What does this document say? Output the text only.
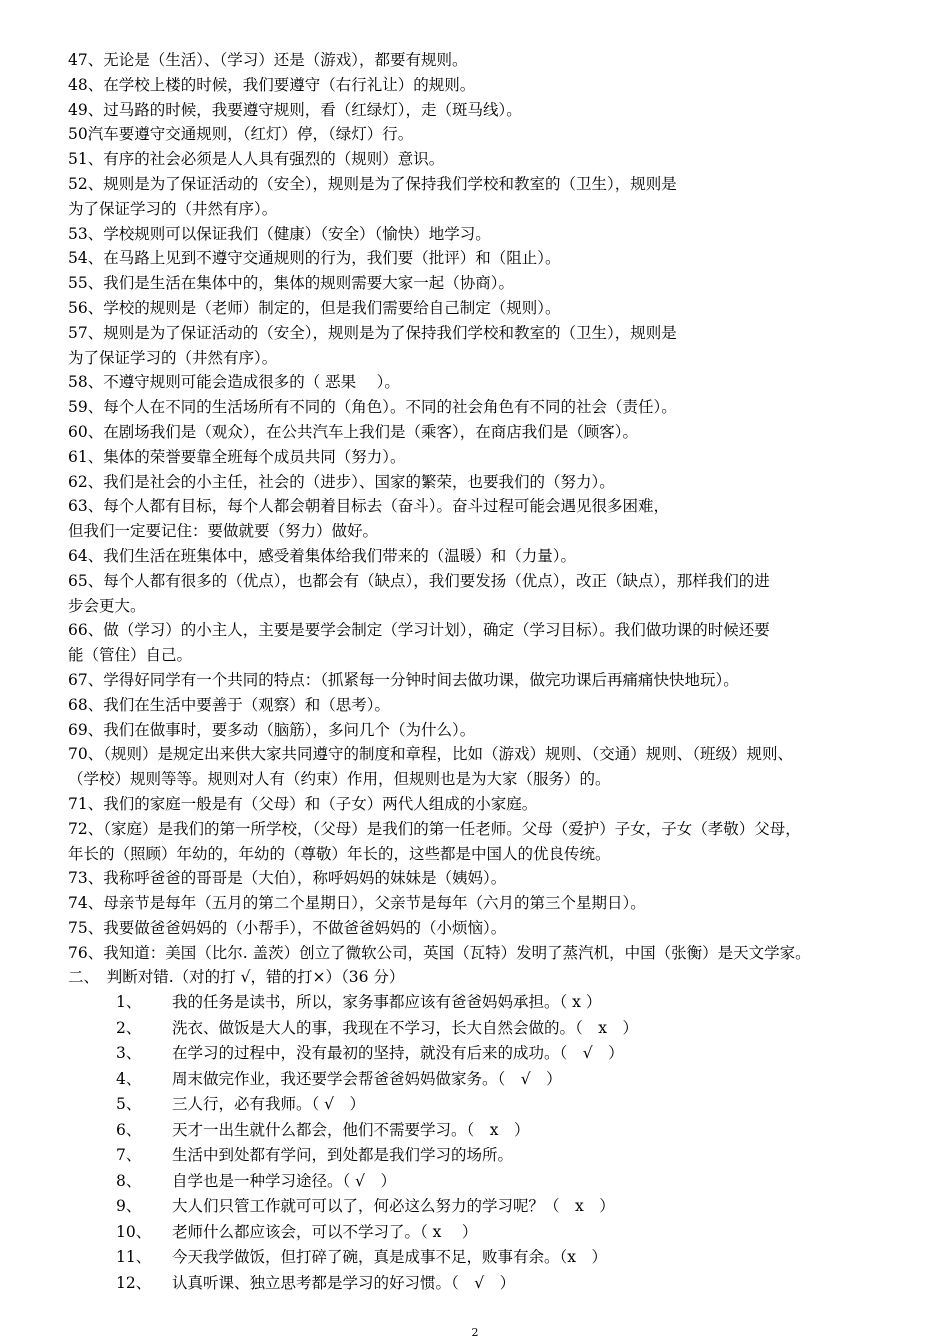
47、无论是（生活）、（学习）还是（游戏），都要有规则。
48、在学校上楼的时候，我们要遵守（右行礼让）的规则。
49、过马路的时候，我要遵守规则，看（红绿灯），走（斑马线）。
50汽车要遵守交通规则，（红灯）停，（绿灯）行。
51、有序的社会必须是人人具有强烈的（规则）意识。
52、规则是为了保证活动的（安全），规则是为了保持我们学校和教室的（卫生），规则是
为了保证学习的（井然有序）。
53、学校规则可以保证我们（健康）（安全）（愉快）地学习。
54、在马路上见到不遵守交通规则的行为，我们要（批评）和（阻止）。
55、我们是生活在集体中的，集体的规则需要大家一起（协商）。
56、学校的规则是（老师）制定的，但是我们需要给自己制定（规则）。
57、规则是为了保证活动的（安全），规则是为了保持我们学校和教室的（卫生），规则是
为了保证学习的（井然有序）。
58、不遵守规则可能会造成很多的（ 恶果　 ）。
59、每个人在不同的生活场所有不同的（角色）。不同的社会角色有不同的社会（责任）。
60、在剧场我们是（观众），在公共汽车上我们是（乘客），在商店我们是（顾客）。
61、集体的荣誉要靠全班每个成员共同（努力）。
62、我们是社会的小主任，社会的（进步）、国家的繁荣，也要我们的（努力）。
63、每个人都有目标，每个人都会朝着目标去（奋斗）。奋斗过程可能会遇见很多困难，
但我们一定要记住：要做就要（努力）做好。
64、我们生活在班集体中，感受着集体给我们带来的（温暖）和（力量）。
65、每个人都有很多的（优点），也都会有（缺点），我们要发扬（优点），改正（缺点），那样我们的进
步会更大。
66、做（学习）的小主人，主要是要学会制定（学习计划），确定（学习目标）。我们做功课的时候还要
能（管住）自己。
67、学得好同学有一个共同的特点：（抓紧每一分钟时间去做功课，做完功课后再痛痛快快地玩）。
68、我们在生活中要善于（观察）和（思考）。
69、我们在做事时，要多动（脑筋），多问几个（为什么）。
70、（规则）是规定出来供大家共同遵守的制度和章程，比如（游戏）规则、（交通）规则、（班级）规则、
（学校）规则等等。规则对人有（约束）作用，但规则也是为大家（服务）的。
71、我们的家庭一般是有（父母）和（子女）两代人组成的小家庭。
72、（家庭）是我们的第一所学校，（父母）是我们的第一任老师。父母（爱护）子女，子女（孝敬）父母，
年长的（照顾）年幼的，年幼的（尊敬）年长的，这些都是中国人的优良传统。
73、我称呼爸爸的哥哥是（大伯），称呼妈妈的妹妹是（姨妈）。
74、母亲节是每年（五月的第二个星期日），父亲节是每年（六月的第三个星期日）。
75、我要做爸爸妈妈的（小帮手），不做爸爸妈妈的（小烦恼）。
76、我知道：美国（比尔. 盖茨）创立了微软公司，英国（瓦特）发明了蒸汽机，中国（张衡）是天文学家。
二、　判断对错.（对的打 √，错的打×）（36 分）
1、 我的任务是读书，所以，家务事都应该有爸爸妈妈承担。（ x ）
2、 洗衣、做饭是大人的事，我现在不学习，长大自然会做的。（　x　）
3、 在学习的过程中，没有最初的坚持，就没有后来的成功。（　√　）
4、 周末做完作业，我还要学会帮爸爸妈妈做家务。（　√　）
5、 三人行，必有我师。（ √　）
6、 天才一出生就什么都会，他们不需要学习。（　x　）
7、 生活中到处都有学问，到处都是我们学习的场所。
8、 自学也是一种学习途径。（ √　）
9、 大人们只管工作就可可以了，何必这么努力的学习呢？（　x　）
10、 老师什么都应该会，可以不学习了。（ x　 ）
11、 今天我学做饭，但打碎了碗，真是成事不足，败事有余。（x　）
12、 认真听课、独立思考都是学习的好习惯。（　√　）
2
